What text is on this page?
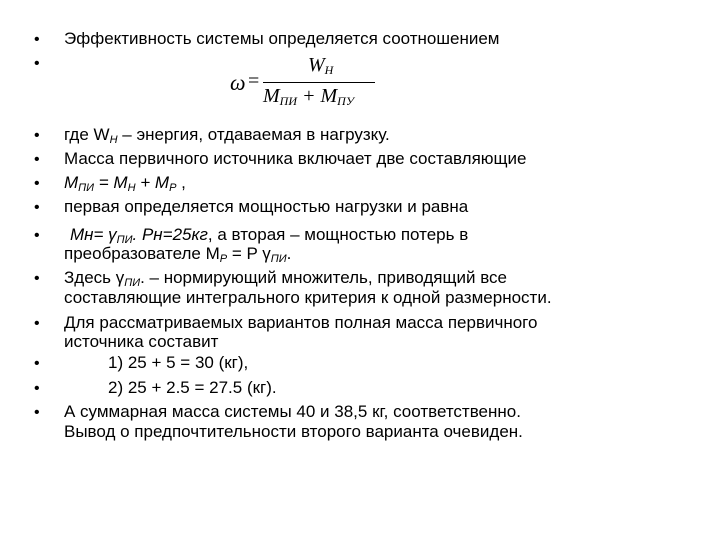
•
•
•
•
•
•
•
•
•
•
•
•
Эффективность системы определяется соотношением
ω =
$W_Н$
$M_{ПИ} + M_{ПУ}$
где $W_Н$ – энергия, отдаваемая в нагрузку.
Масса первичного источника включает две составляющие
$M_{ПИ} = M_Н + M_Р$ ,
первая определяется мощностью нагрузки и равна
$Mн= \gamma_{ПИ}$. Pн=25кг, а вторая – мощностью потерь в
преобразователе $M_Р = P$ $\gamma_{ПИ}$.
Здесь $\gamma_{ПИ}$. – нормирующий множитель, приводящий все
составляющие интегрального критерия к одной размерности.
Для рассматриваемых вариантов полная масса первичного
источника составит
1) 25 + 5 = 30 (кг),
2) 25 + 2.5 = 27.5 (кг).
А суммарная масса системы 40 и 38,5 кг, соответственно.
Вывод о предпочтительности второго варианта очевиден.
